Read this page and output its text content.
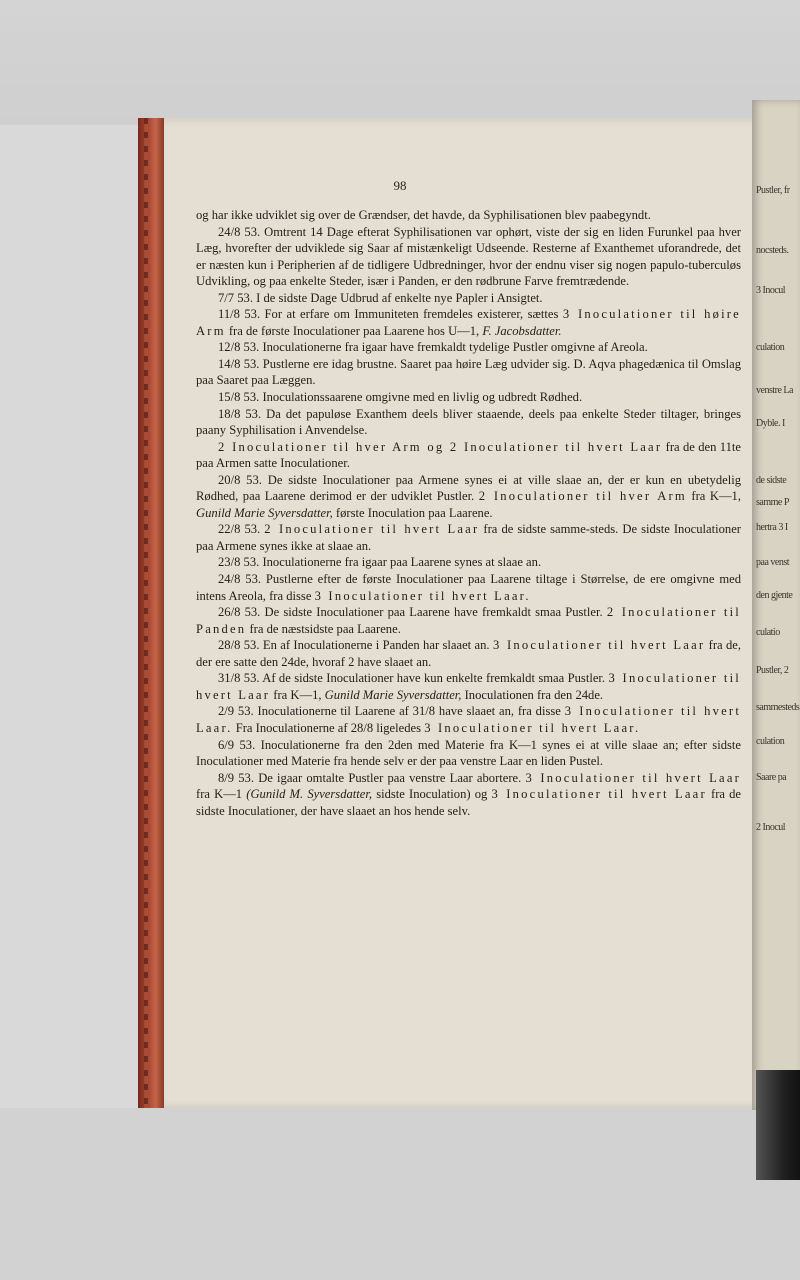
Pustler, fr
nocsteds.
3 Inocul
culation
venstre La
Dyble. I
de sidste
samme P
hertra 3 I
paa venst
den gjente
culatio
Pustler, 2
sammesteds
culation
Saare pa
2 Inocul
98

og har ikke udviklet sig over de Grændser, det havde, da Syphilisationen blev paabegyndt.

24/8 53. Omtrent 14 Dage efterat Syphilisationen var ophørt, viste der sig en liden Furunkel paa hver Læg, hvorefter der udviklede sig Saar af mistænkeligt Udseende. Resterne af Exanthemet uforandrede, det er næsten kun i Peripherien af de tidligere Udbredninger, hvor der endnu viser sig nogen papulo-tuberculøs Udvikling, og paa enkelte Steder, især i Panden, er den rødbrune Farve fremtrædende.

7/7 53. I de sidste Dage Udbrud af enkelte nye Papler i Ansigtet.

11/8 53. For at erfare om Immuniteten fremdeles existerer, sættes 3 Inoculationer til høire Arm fra de første Inoculationer paa Laarene hos U—1, F. Jacobsdatter.

12/8 53. Inoculationerne fra igaar have fremkaldt tydelige Pustler omgivne af Areola.

14/8 53. Pustlerne ere idag brustne. Saaret paa høire Læg udvider sig. D. Aqva phagedænica til Omslag paa Saaret paa Læggen.

15/8 53. Inoculationssaarene omgivne med en livlig og udbredt Rødhed.

18/8 53. Da det papuløse Exanthem deels bliver staaende, deels paa enkelte Steder tiltager, bringes paany Syphilisation i Anvendelse.

2 Inoculationer til hver Arm og 2 Inoculationer til hvert Laar fra de den 11te paa Armen satte Inoculationer.

20/8 53. De sidste Inoculationer paa Armene synes ei at ville slaae an, der er kun en ubetydelig Rødhed, paa Laarene derimod er der udviklet Pustler. 2 Inoculationer til hver Arm fra K—1, Gunild Marie Syversdatter, første Inoculation paa Laarene.

22/8 53. 2 Inoculationer til hvert Laar fra de sidste samme-steds. De sidste Inoculationer paa Armene synes ikke at slaae an.

23/8 53. Inoculationerne fra igaar paa Laarene synes at slaae an.

24/8 53. Pustlerne efter de første Inoculationer paa Laarene tiltage i Størrelse, de ere omgivne med intens Areola, fra disse 3 Inoculationer til hvert Laar.

26/8 53. De sidste Inoculationer paa Laarene have fremkaldt smaa Pustler. 2 Inoculationer til Panden fra de næstsidste paa Laarene.

28/8 53. En af Inoculationerne i Panden har slaaet an. 3 Inoculationer til hvert Laar fra de, der ere satte den 24de, hvoraf 2 have slaaet an.

31/8 53. Af de sidste Inoculationer have kun enkelte fremkaldt smaa Pustler. 3 Inoculationer til hvert Laar fra K—1, Gunild Marie Syversdatter, Inoculationen fra den 24de.

2/9 53. Inoculationerne til Laarene af 31/8 have slaaet an, fra disse 3 Inoculationer til hvert Laar. Fra Inoculationerne af 28/8 ligeledes 3 Inoculationer til hvert Laar.

6/9 53. Inoculationerne fra den 2den med Materie fra K—1 synes ei at ville slaae an; efter sidste Inoculationer med Materie fra hende selv er der paa venstre Laar en liden Pustel.

8/9 53. De igaar omtalte Pustler paa venstre Laar abortere. 3 Inoculationer til hvert Laar fra K—1 (Gunild M. Syversdatter, sidste Inoculation) og 3 Inoculationer til hvert Laar fra de sidste Inoculationer, der have slaaet an hos hende selv.
